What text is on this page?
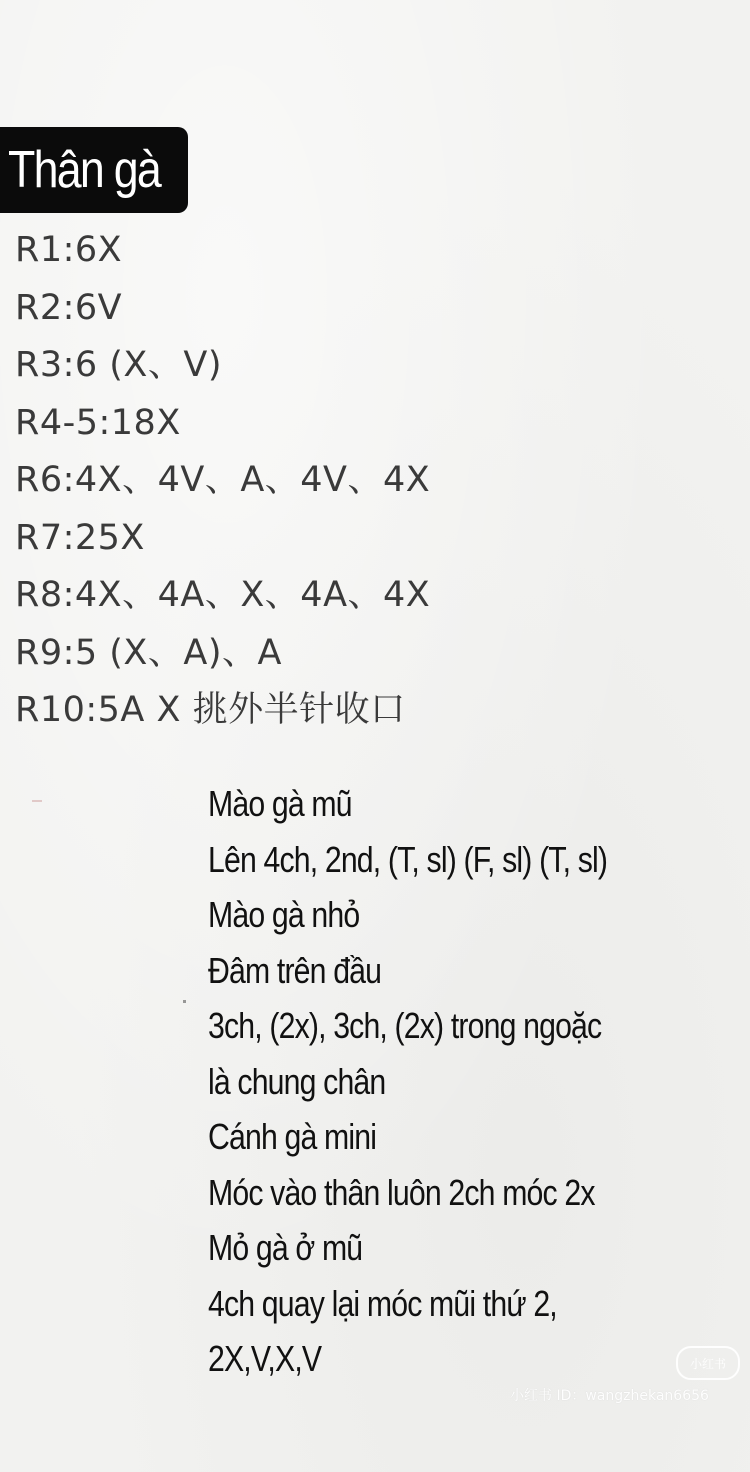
Thân gà
R1:6X
R2:6V
R3:6 (X、V)
R4-5:18X
R6:4X、4V、A、4V、4X
R7:25X
R8:4X、4A、X、4A、4X
R9:5 (X、A)、A
R10:5A X 挑外半针收口
Mào gà mũ
Lên 4ch, 2nd, (T, sl) (F, sl) (T, sl)
Mào gà nhỏ
Đâm trên đầu
3ch, (2x), 3ch, (2x) trong ngoặc
là chung chân
Cánh gà mini
Móc vào thân luôn 2ch móc 2x
Mỏ gà ở mũ
4ch quay lại móc mũi thứ 2,
2X,V,X,V	小红书
小红书 ID：wangzhekan6656
